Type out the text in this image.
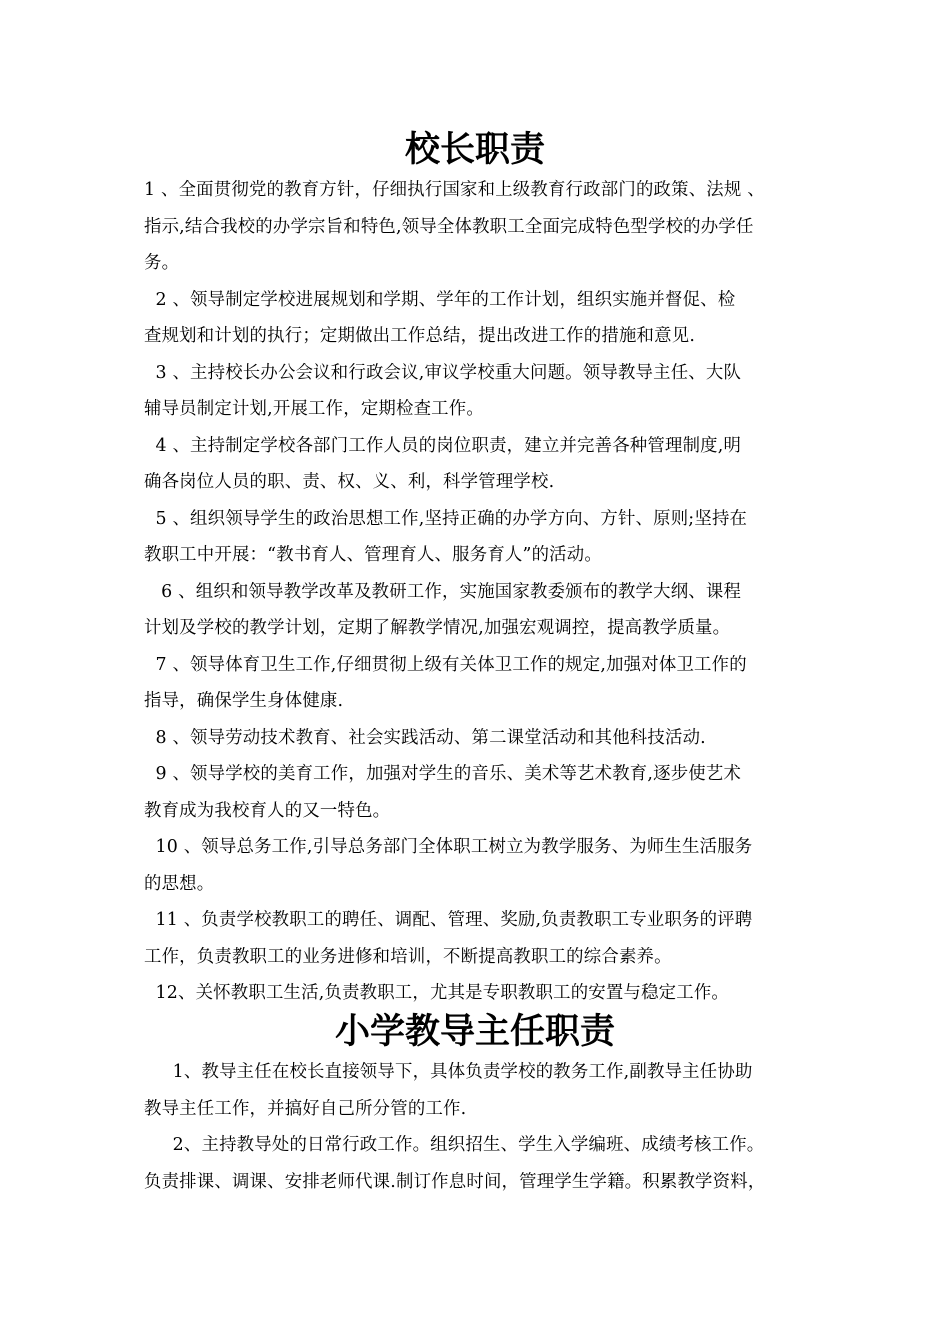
校长职责

1 、全面贯彻党的教育方针，仔细执行国家和上级教育行政部门的政策、法规 、

指示,结合我校的办学宗旨和特色,领导全体教职工全面完成特色型学校的办学任

务。

2 、领导制定学校进展规划和学期、学年的工作计划，组织实施并督促、检

查规划和计划的执行；定期做出工作总结，提出改进工作的措施和意见.

3 、主持校长办公会议和行政会议,审议学校重大问题。领导教导主任、大队

辅导员制定计划,开展工作，定期检查工作。

4 、主持制定学校各部门工作人员的岗位职责，建立并完善各种管理制度,明

确各岗位人员的职、责、权、义、利，科学管理学校.

5 、组织领导学生的政治思想工作,坚持正确的办学方向、方针、原则;坚持在

教职工中开展：“教书育人、管理育人、服务育人”的活动。

6 、组织和领导教学改革及教研工作，实施国家教委颁布的教学大纲、课程

计划及学校的教学计划，定期了解教学情况,加强宏观调控，提高教学质量。

7 、领导体育卫生工作,仔细贯彻上级有关体卫工作的规定,加强对体卫工作的

指导，确保学生身体健康.

8 、领导劳动技术教育、社会实践活动、第二课堂活动和其他科技活动.

9 、领导学校的美育工作，加强对学生的音乐、美术等艺术教育,逐步使艺术

教育成为我校育人的又一特色。

10 、领导总务工作,引导总务部门全体职工树立为教学服务、为师生生活服务

的思想。

11 、负责学校教职工的聘任、调配、管理、奖励,负责教职工专业职务的评聘

工作，负责教职工的业务进修和培训，不断提高教职工的综合素养。

12、关怀教职工生活,负责教职工，尤其是专职教职工的安置与稳定工作。

小学教导主任职责

1、教导主任在校长直接领导下，具体负责学校的教务工作,副教导主任协助

教导主任工作，并搞好自己所分管的工作.

2、主持教导处的日常行政工作。组织招生、学生入学编班、成绩考核工作。

负责排课、调课、安排老师代课.制订作息时间，管理学生学籍。积累教学资料，
